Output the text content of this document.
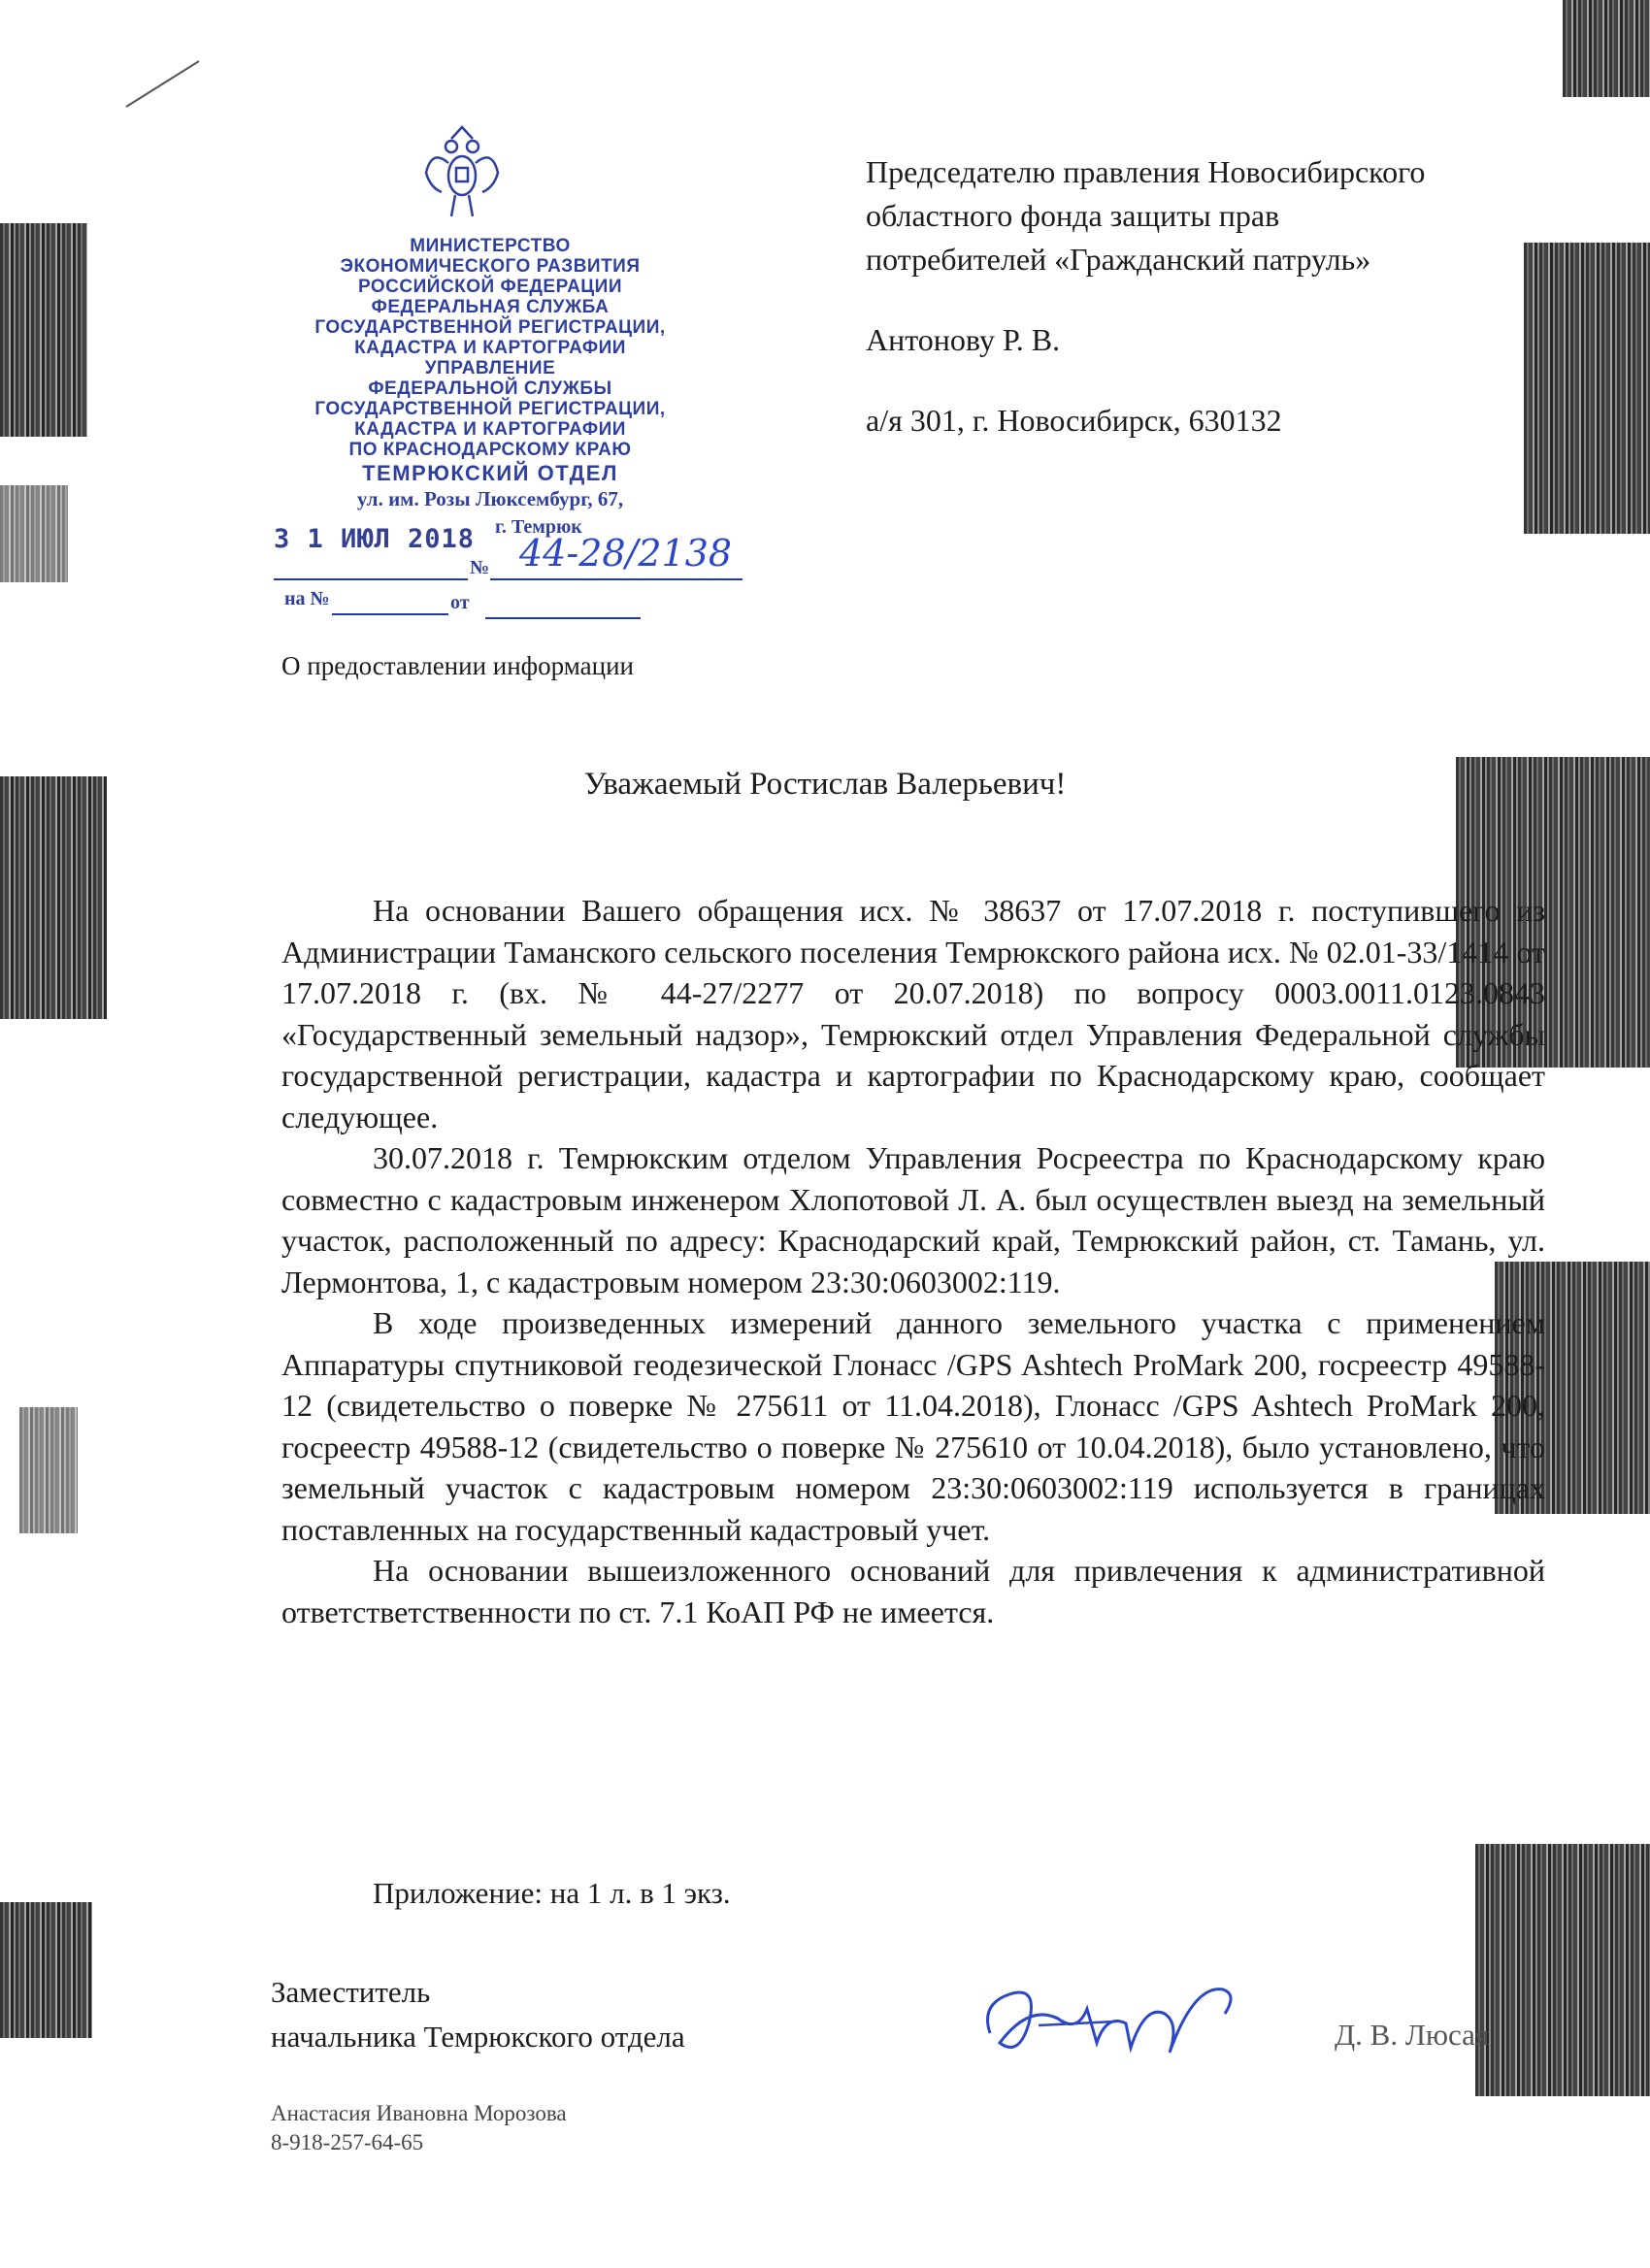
МИНИСТЕРСТВО
ЭКОНОМИЧЕСКОГО РАЗВИТИЯ
РОССИЙСКОЙ ФЕДЕРАЦИИ
ФЕДЕРАЛЬНАЯ СЛУЖБА
ГОСУДАРСТВЕННОЙ РЕГИСТРАЦИИ,
КАДАСТРА И КАРТОГРАФИИ
УПРАВЛЕНИЕ
ФЕДЕРАЛЬНОЙ СЛУЖБЫ
ГОСУДАРСТВЕННОЙ РЕГИСТРАЦИИ,
КАДАСТРА И КАРТОГРАФИИ
ПО КРАСНОДАРСКОМУ КРАЮ
ТЕМРЮКСКИЙ ОТДЕЛ
ул. им. Розы Люксембург, 67,
г. Темрюк
3 1 ИЮЛ 2018
№ 44-28/2138
на №	от

Председателю правления Новосибирского

областного фонда защиты прав

потребителей «Гражданский патруль»

Антонову Р. В.

а/я 301, г. Новосибирск, 630132

О предоставлении информации
Уважаемый Ростислав Валерьевич!

На основании Вашего обращения исх. № 38637 от 17.07.2018 г. поступившего из Администрации Таманского сельского поселения Темрюкского района исх. № 02.01-33/1414 от 17.07.2018 г. (вх. № 44-27/2277 от 20.07.2018) по вопросу 0003.0011.0123.0843 «Государственный земельный надзор», Темрюкский отдел Управления Федеральной службы государственной регистрации, кадастра и картографии по Краснодарскому краю, сообщает следующее.

30.07.2018 г. Темрюкским отделом Управления Росреестра по Краснодарскому краю совместно с кадастровым инженером Хлопотовой Л. А. был осуществлен выезд на земельный участок, расположенный по адресу: Краснодарский край, Темрюкский район, ст. Тамань, ул. Лермонтова, 1, с кадастровым номером 23:30:0603002:119.

В ходе произведенных измерений данного земельного участка с применением Аппаратуры спутниковой геодезической Глонасс /GPS Ashtech ProMark 200, госреестр 49588-12 (свидетельство о поверке № 275611 от 11.04.2018), Глонасс /GPS Ashtech ProMark 200, госреестр 49588-12 (свидетельство о поверке № 275610 от 10.04.2018), было установлено, что земельный участок с кадастровым номером 23:30:0603002:119 используется в границах поставленных на государственный кадастровый учет.

На основании вышеизложенного оснований для привлечения к административной ответстветственности по ст. 7.1 КоАП РФ не имеется.

Приложение: на 1 л. в 1 экз.
Заместитель
начальника Темрюкского отдела	Д. В. Люсая
Анастасия Ивановна Морозова
8-918-257-64-65
